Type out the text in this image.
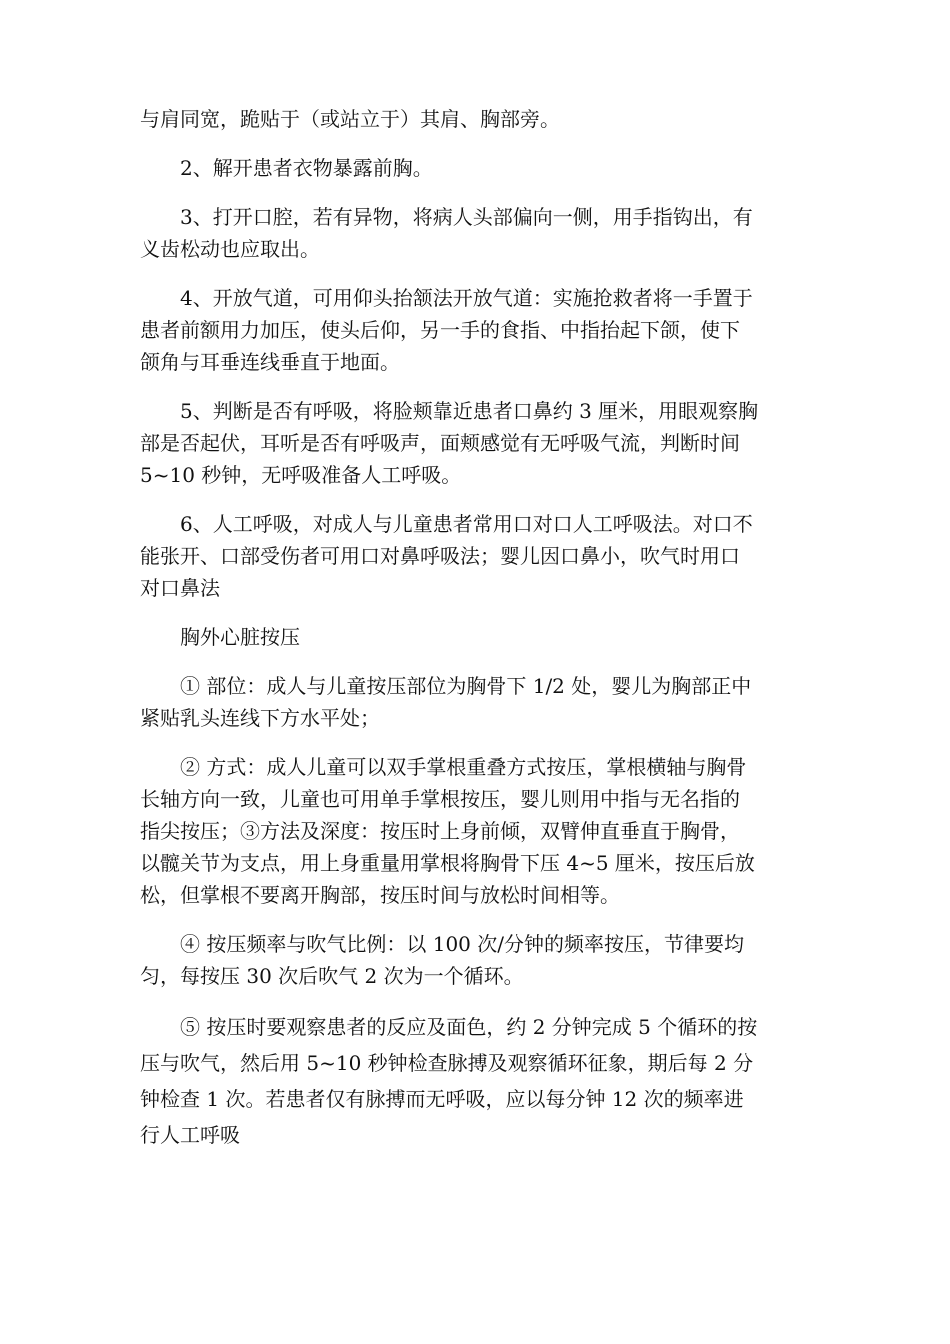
与肩同宽，跪贴于（或站立于）其肩、胸部旁。

2、解开患者衣物暴露前胸。

3、打开口腔，若有异物，将病人头部偏向一侧，用手指钩出，有
义齿松动也应取出。

4、开放气道，可用仰头抬颔法开放气道：实施抢救者将一手置于
患者前额用力加压，使头后仰，另一手的食指、中指抬起下颌，使下
颌角与耳垂连线垂直于地面。

5、判断是否有呼吸，将脸颊靠近患者口鼻约 3 厘米，用眼观察胸
部是否起伏，耳听是否有呼吸声，面颊感觉有无呼吸气流，判断时间
5~10 秒钟，无呼吸准备人工呼吸。

6、人工呼吸，对成人与儿童患者常用口对口人工呼吸法。对口不
能张开、口部受伤者可用口对鼻呼吸法；婴儿因口鼻小，吹气时用口
对口鼻法

胸外心脏按压

① 部位：成人与儿童按压部位为胸骨下 1/2 处，婴儿为胸部正中
紧贴乳头连线下方水平处；

② 方式：成人儿童可以双手掌根重叠方式按压，掌根横轴与胸骨
长轴方向一致，儿童也可用单手掌根按压，婴儿则用中指与无名指的
指尖按压；③方法及深度：按压时上身前倾，双臂伸直垂直于胸骨，
以髋关节为支点，用上身重量用掌根将胸骨下压 4~5 厘米，按压后放
松，但掌根不要离开胸部，按压时间与放松时间相等。

④ 按压频率与吹气比例：以 100 次/分钟的频率按压，节律要均
匀，每按压 30 次后吹气 2 次为一个循环。

⑤ 按压时要观察患者的反应及面色，约 2 分钟完成 5 个循环的按
压与吹气，然后用 5~10 秒钟检查脉搏及观察循环征象，期后每 2 分
钟检查 1 次。若患者仅有脉搏而无呼吸，应以每分钟 12 次的频率进
行人工呼吸
